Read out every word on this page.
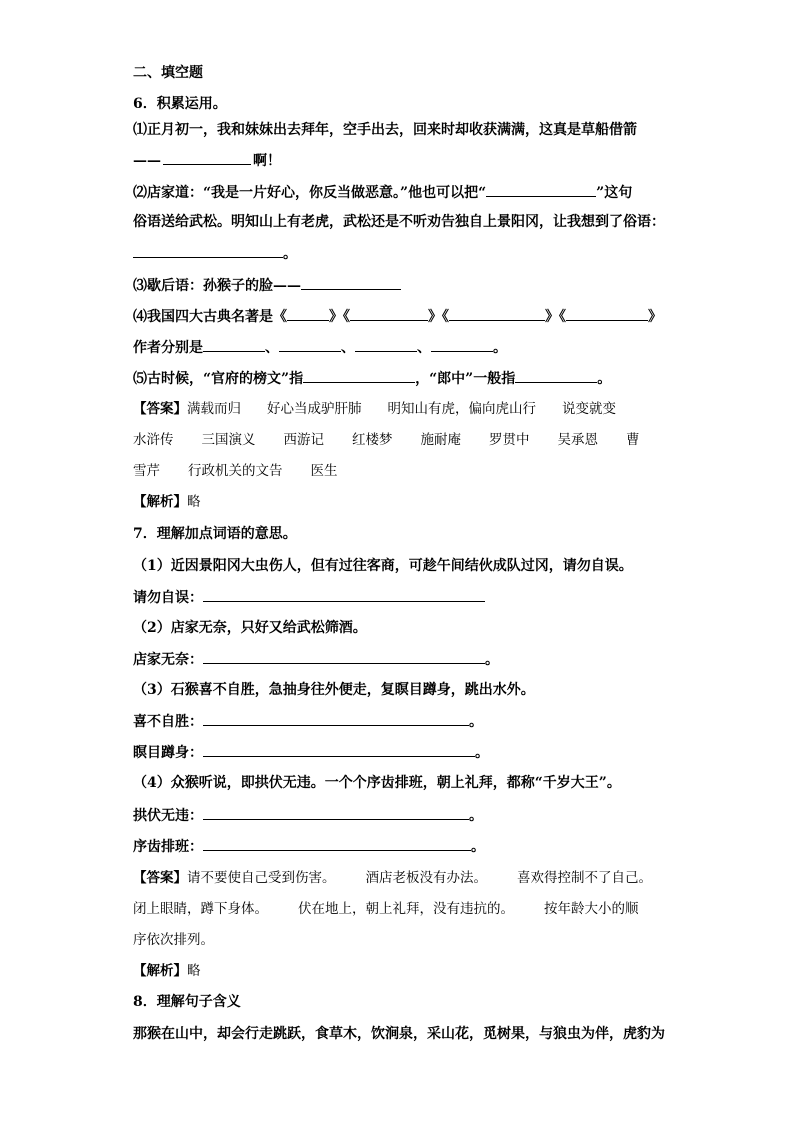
二、填空题
6．积累运用。
⑴正月初一，我和妹妹出去拜年，空手出去，回来时却收获满满，这真是草船借箭
——	啊！
⑵店家道：“我是一片好心，你反当做恶意。”他也可以把“	”这句
俗语送给武松。明知山上有老虎，武松还是不听劝告独自上景阳冈，让我想到了俗语：
。
⑶歇后语：孙猴子的脸——
⑷我国四大古典名著是《	》《	》《	》《	》
作者分别是	、	、	、	。
⑸古时候，“官府的榜文”指	，“郎中”一般指	。
【答案】满载而归 好心当成驴肝肺 明知山有虎，偏向虎山行 说变就变
水浒传 三国演义 西游记 红楼梦 施耐庵 罗贯中 吴承恩 曹
雪芹 行政机关的文告 医生
【解析】略
7．理解加点词语的意思。
（1）近因景阳冈大虫伤人，但有过往客商，可趁午间结伙成队过冈，请勿自误。
请勿自误：
（2）店家无奈，只好又给武松筛酒。
店家无奈：	。
（3）石猴喜不自胜，急抽身往外便走，复瞑目蹲身，跳出水外。
喜不自胜：	。
瞑目蹲身：	。
（4）众猴听说，即拱伏无违。一个个序齿排班，朝上礼拜，都称“千岁大王”。
拱伏无违：	。
序齿排班：	。
【答案】请不要使自己受到伤害。 酒店老板没有办法。 喜欢得控制不了自己。
闭上眼睛，蹲下身体。 伏在地上，朝上礼拜，没有违抗的。 按年龄大小的顺
序依次排列。
【解析】略
8．理解句子含义
那猴在山中，却会行走跳跃，食草木，饮涧泉，采山花，觅树果，与狼虫为伴，虎豹为
